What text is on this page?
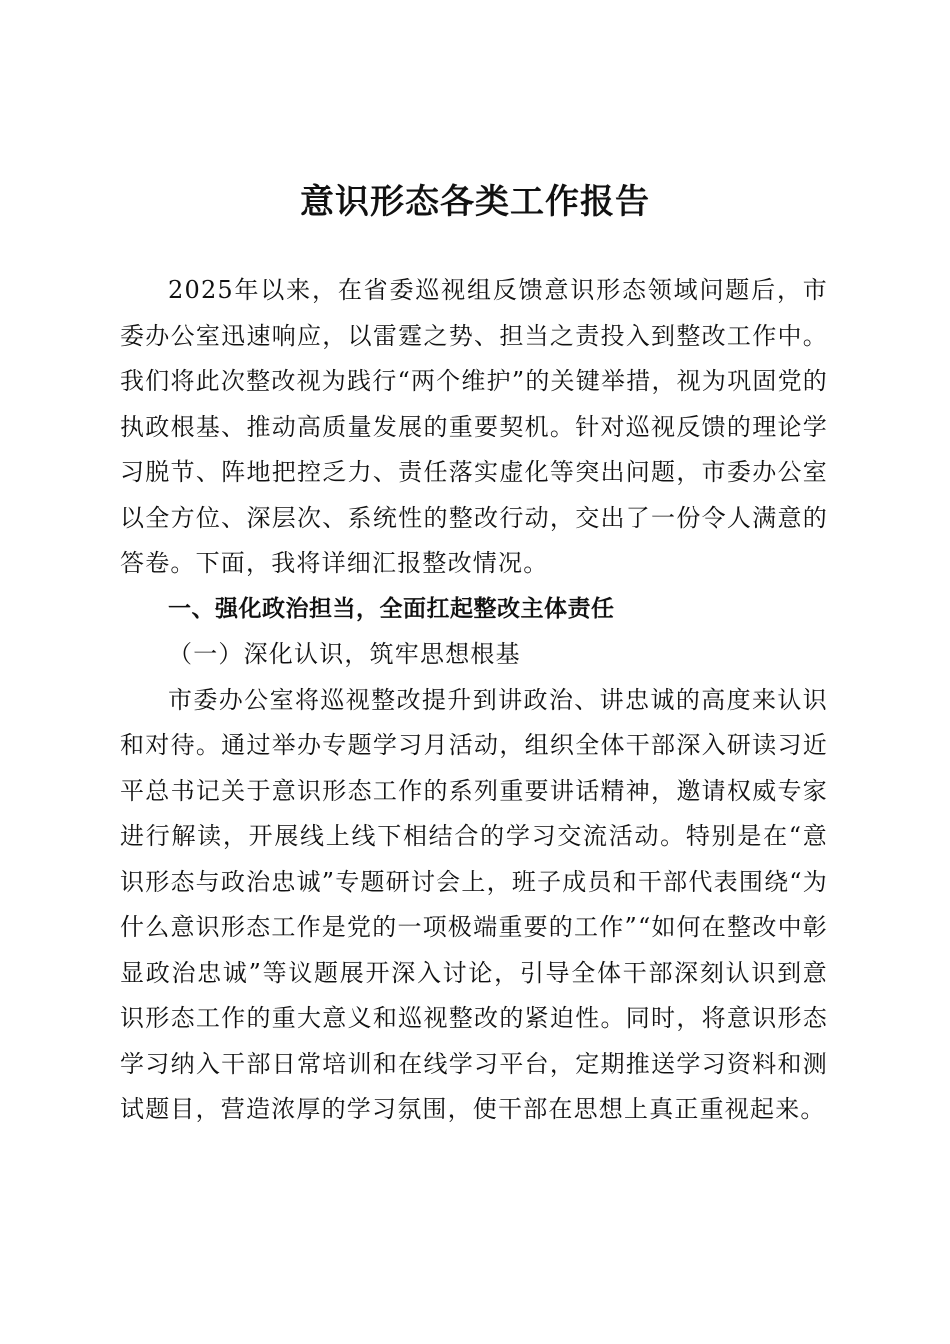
意识形态各类工作报告

2025年以来，在省委巡视组反馈意识形态领域问题后，市委办公室迅速响应，以雷霆之势、担当之责投入到整改工作中。我们将此次整改视为践行“两个维护”的关键举措，视为巩固党的执政根基、推动高质量发展的重要契机。针对巡视反馈的理论学习脱节、阵地把控乏力、责任落实虚化等突出问题，市委办公室以全方位、深层次、系统性的整改行动，交出了一份令人满意的答卷。下面，我将详细汇报整改情况。

一、强化政治担当，全面扛起整改主体责任

（一）深化认识，筑牢思想根基

市委办公室将巡视整改提升到讲政治、讲忠诚的高度来认识和对待。通过举办专题学习月活动，组织全体干部深入研读习近平总书记关于意识形态工作的系列重要讲话精神，邀请权威专家进行解读，开展线上线下相结合的学习交流活动。特别是在“意识形态与政治忠诚”专题研讨会上，班子成员和干部代表围绕“为什么意识形态工作是党的一项极端重要的工作”“如何在整改中彰显政治忠诚”等议题展开深入讨论，引导全体干部深刻认识到意识形态工作的重大意义和巡视整改的紧迫性。同时，将意识形态学习纳入干部日常培训和在线学习平台，定期推送学习资料和测试题目，营造浓厚的学习氛围，使干部在思想上真正重视起来。
